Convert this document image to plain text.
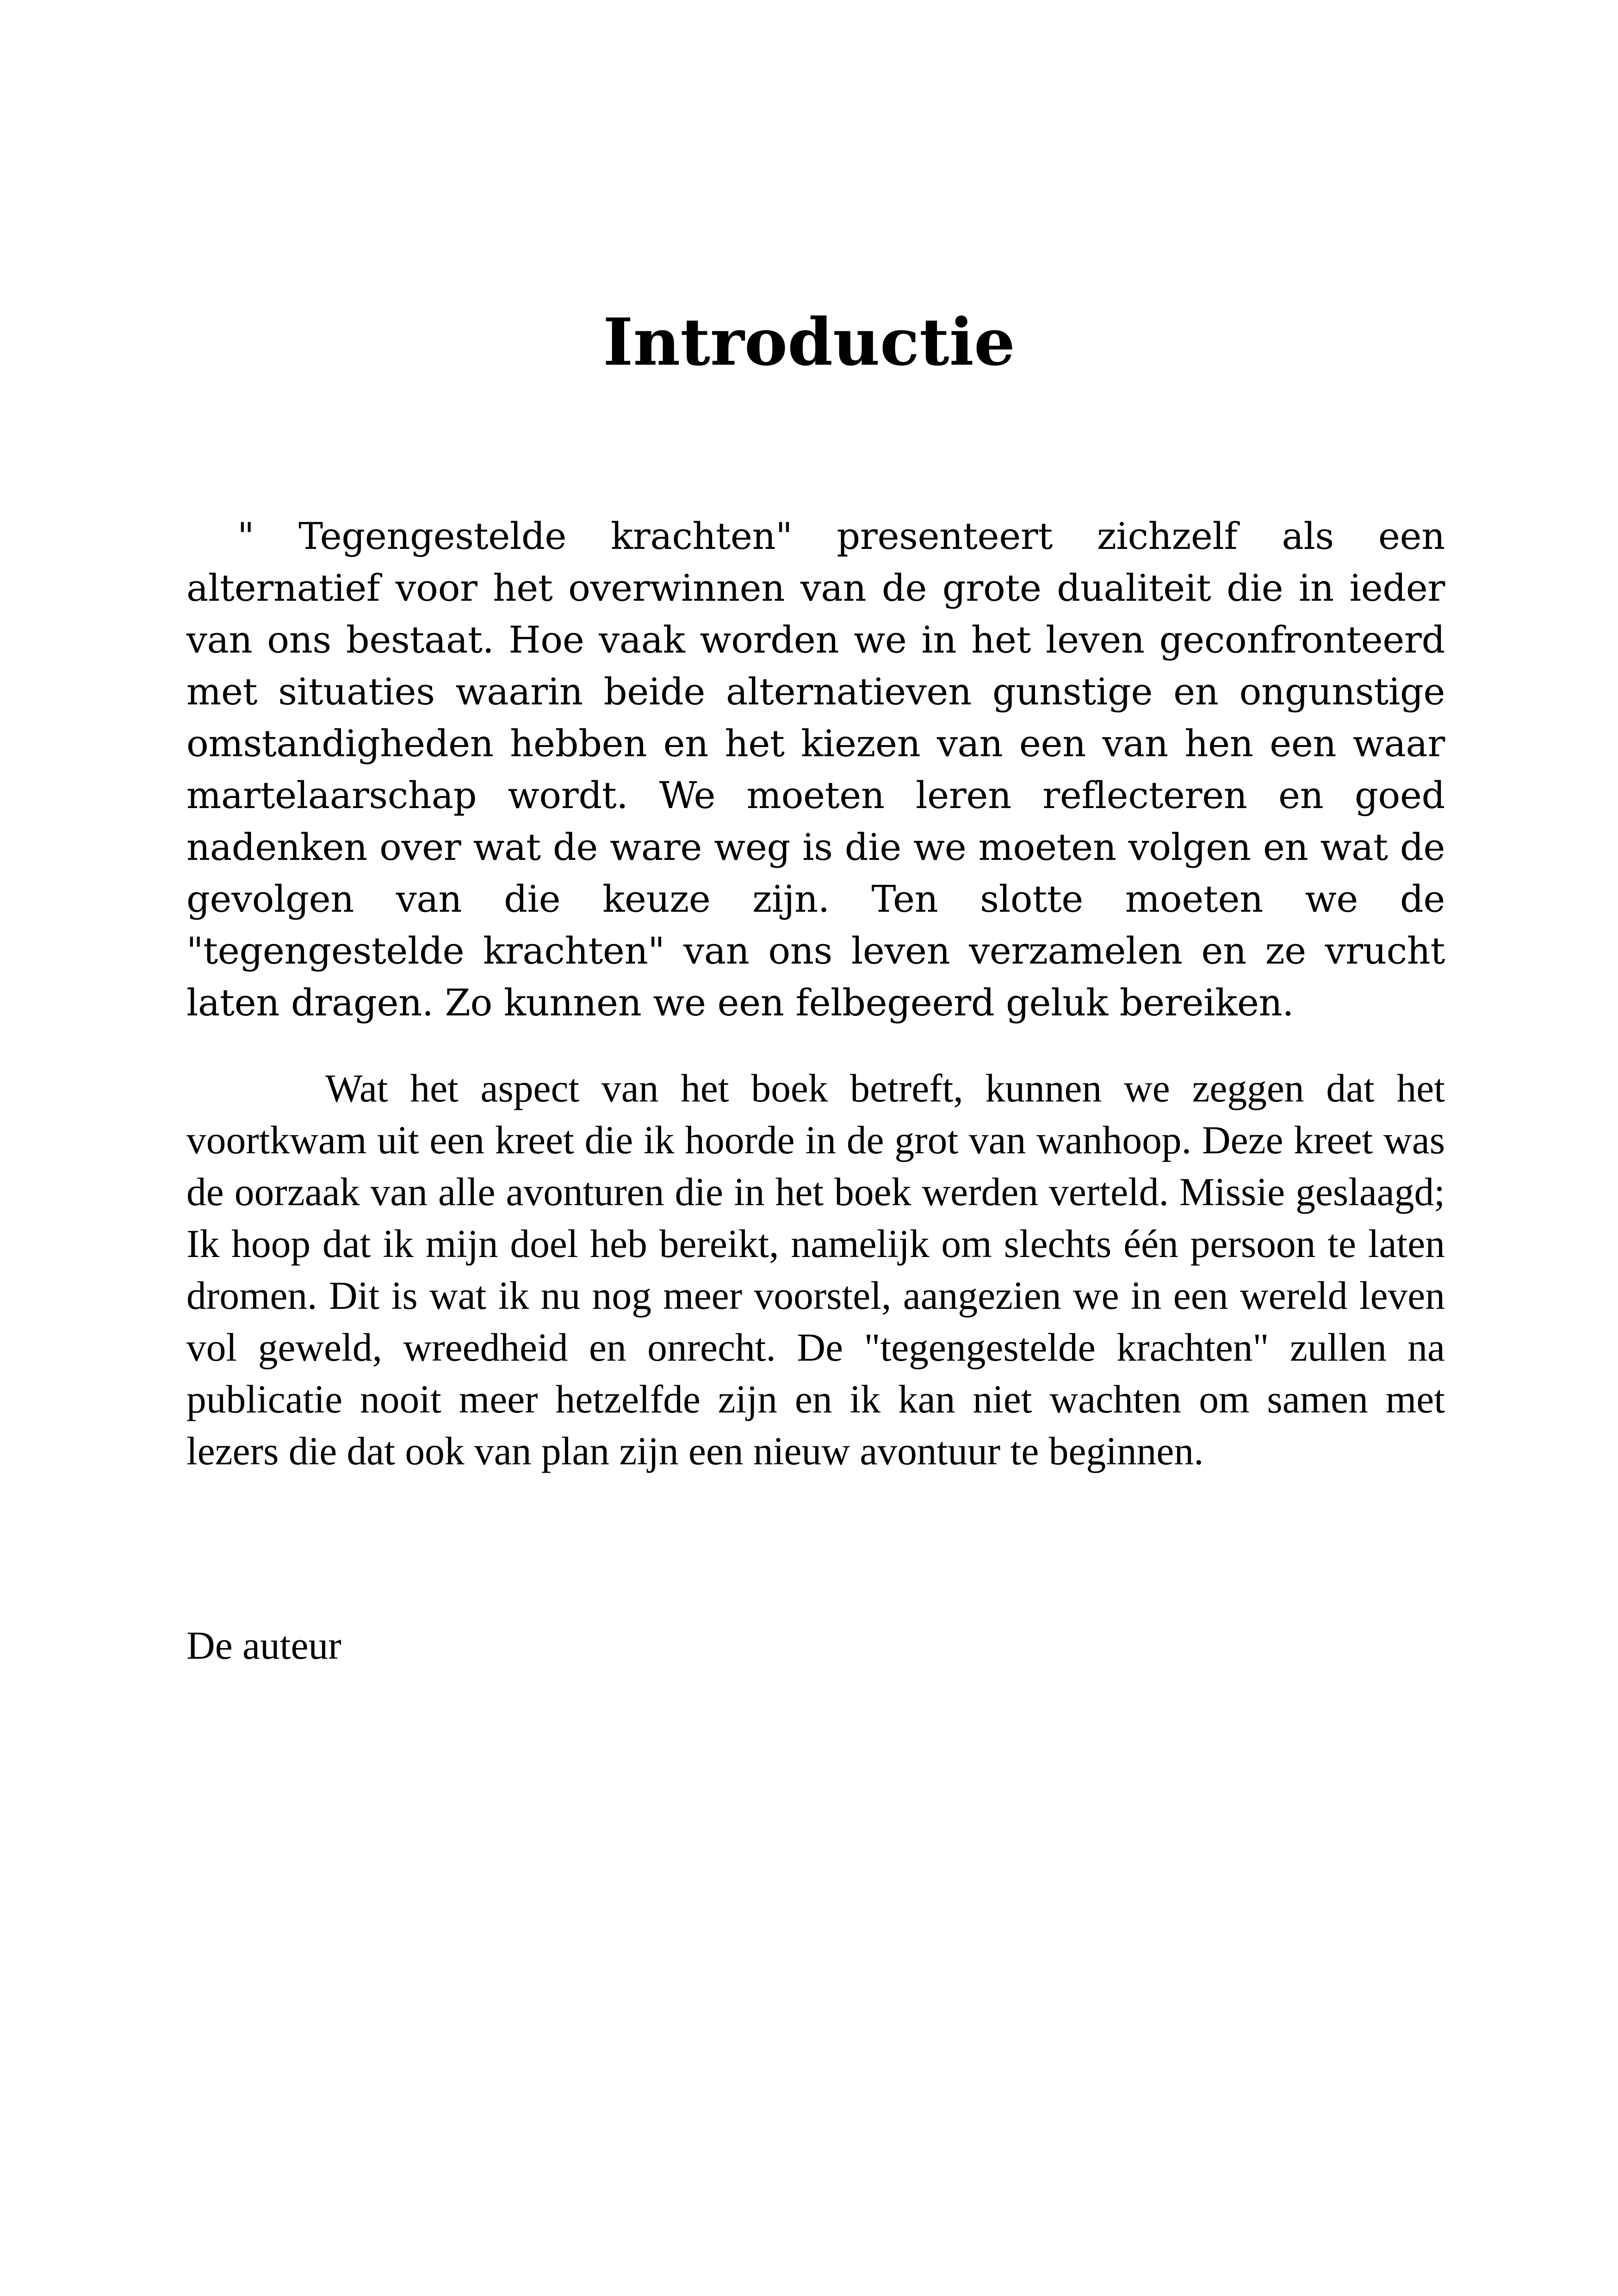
Introductie

" Tegengestelde krachten" presenteert zichzelf als een alternatief voor het overwinnen van de grote dualiteit die in ieder van ons bestaat. Hoe vaak worden we in het leven geconfronteerd met situaties waarin beide alternatieven gunstige en ongunstige omstandigheden hebben en het kiezen van een van hen een waar martelaarschap wordt. We moeten leren reflecteren en goed nadenken over wat de ware weg is die we moeten volgen en wat de gevolgen van die keuze zijn. Ten slotte moeten we de "tegengestelde krachten" van ons leven verzamelen en ze vrucht laten dragen. Zo kunnen we een felbegeerd geluk bereiken.

Wat het aspect van het boek betreft, kunnen we zeggen dat het voortkwam uit een kreet die ik hoorde in de grot van wanhoop. Deze kreet was de oorzaak van alle avonturen die in het boek werden verteld. Missie geslaagd; Ik hoop dat ik mijn doel heb bereikt, namelijk om slechts één persoon te laten dromen. Dit is wat ik nu nog meer voorstel, aangezien we in een wereld leven vol geweld, wreedheid en onrecht. De "tegengestelde krachten" zullen na publicatie nooit meer hetzelfde zijn en ik kan niet wachten om samen met lezers die dat ook van plan zijn een nieuw avontuur te beginnen.

De auteur
